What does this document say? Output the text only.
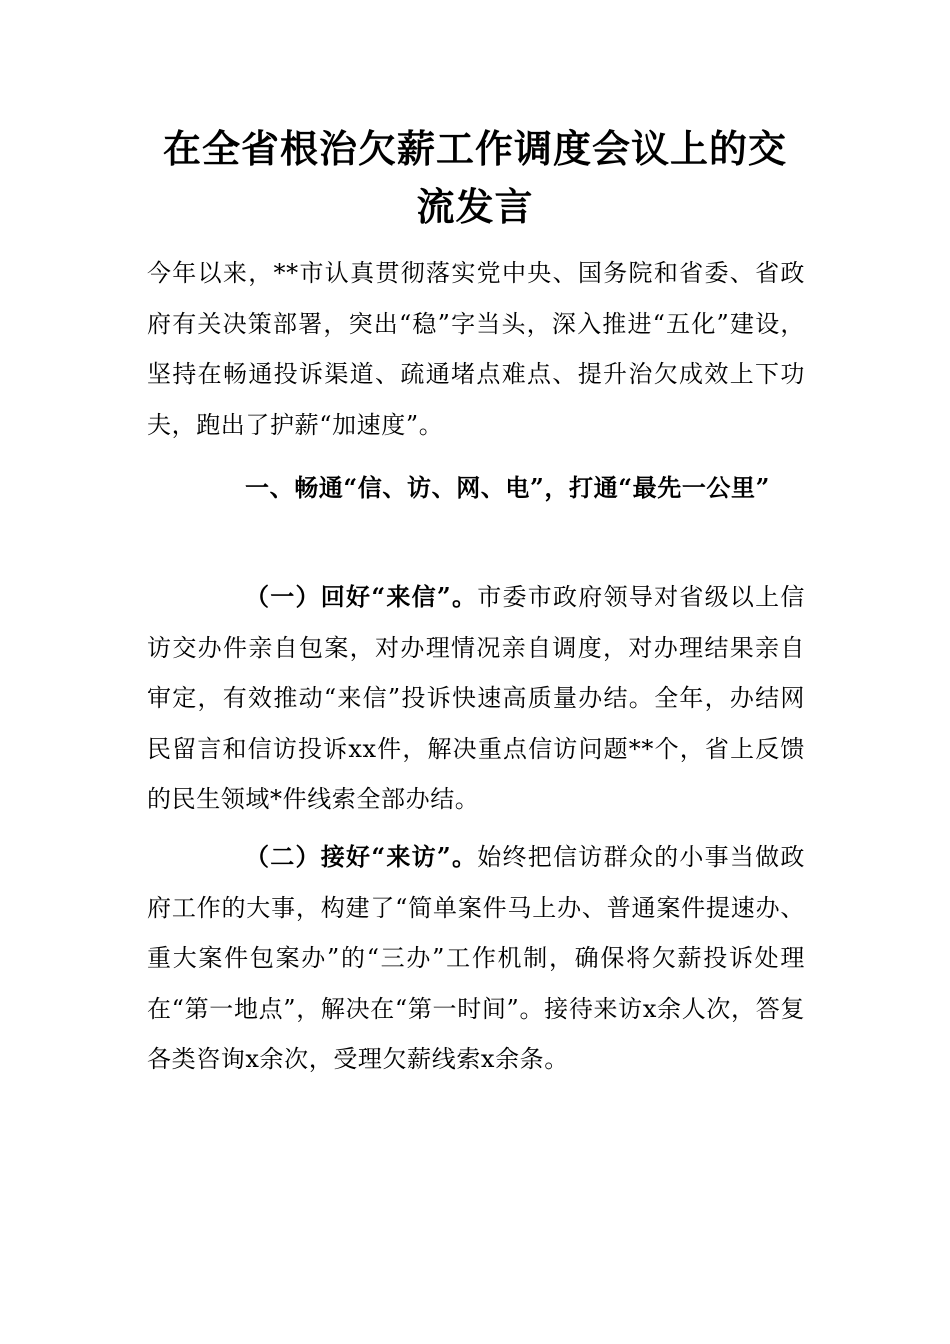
在全省根治欠薪工作调度会议上的交流发言
今年以来，**市认真贯彻落实党中央、国务院和省委、省政府有关决策部署，突出“稳”字当头，深入推进“五化”建设，坚持在畅通投诉渠道、疏通堵点难点、提升治欠成效上下功夫，跑出了护薪“加速度”。
一、畅通“信、访、网、电”，打通“最先一公里”
（一）回好“来信”。市委市政府领导对省级以上信访交办件亲自包案，对办理情况亲自调度，对办理结果亲自审定，有效推动“来信”投诉快速高质量办结。全年，办结网民留言和信访投诉xx件，解决重点信访问题**个，省上反馈的民生领域*件线索全部办结。
（二）接好“来访”。始终把信访群众的小事当做政府工作的大事，构建了“简单案件马上办、普通案件提速办、重大案件包案办”的“三办”工作机制，确保将欠薪投诉处理在“第一地点”，解决在“第一时间”。接待来访x余人次，答复各类咨询x余次，受理欠薪线索x余条。
